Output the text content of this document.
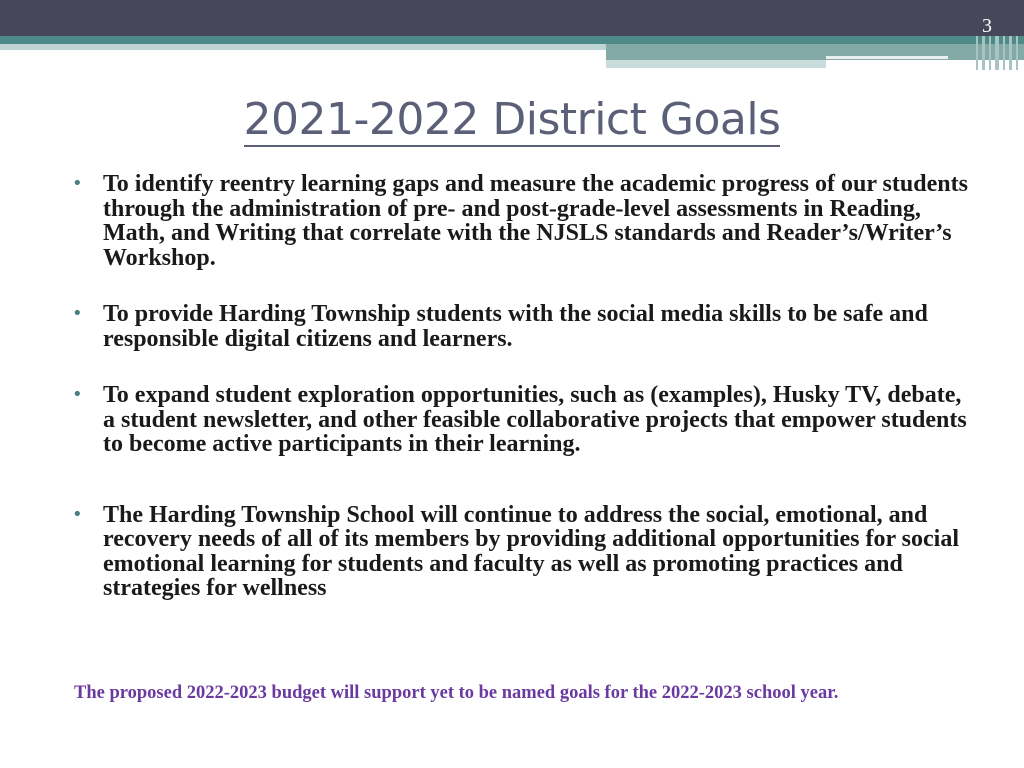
3
2021-2022 District Goals
• To identify reentry learning gaps and measure the academic progress of our students through the administration of pre- and post-grade-level assessments in Reading, Math, and Writing that correlate with the NJSLS standards and Reader’s/Writer’s Workshop.
• To provide Harding Township students with the social media skills to be safe and responsible digital citizens and learners.
• To expand student exploration opportunities, such as (examples), Husky TV, debate, a student newsletter, and other feasible collaborative projects that empower students to become active participants in their learning.
• The Harding Township School will continue to address the social, emotional, and recovery needs of all of its members by providing additional opportunities for social emotional learning for students and faculty as well as promoting practices and strategies for wellness
The proposed 2022-2023 budget will support yet to be named goals for the 2022-2023 school year.
